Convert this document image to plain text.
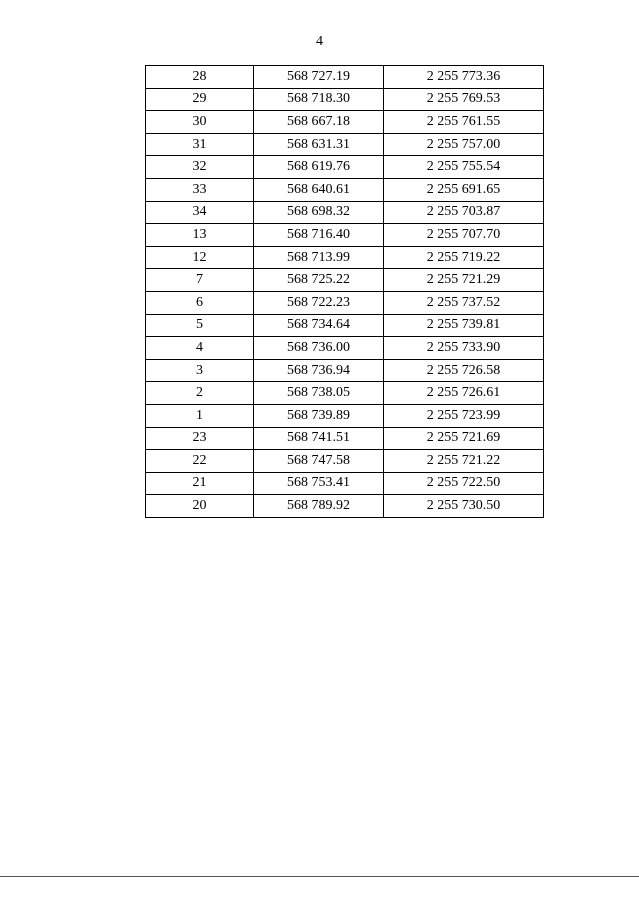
4
28	568 727.19	2 255 773.36
29	568 718.30	2 255 769.53
30	568 667.18	2 255 761.55
31	568 631.31	2 255 757.00
32	568 619.76	2 255 755.54
33	568 640.61	2 255 691.65
34	568 698.32	2 255 703.87
13	568 716.40	2 255 707.70
12	568 713.99	2 255 719.22
7	568 725.22	2 255 721.29
6	568 722.23	2 255 737.52
5	568 734.64	2 255 739.81
4	568 736.00	2 255 733.90
3	568 736.94	2 255 726.58
2	568 738.05	2 255 726.61
1	568 739.89	2 255 723.99
23	568 741.51	2 255 721.69
22	568 747.58	2 255 721.22
21	568 753.41	2 255 722.50
20	568 789.92	2 255 730.50
